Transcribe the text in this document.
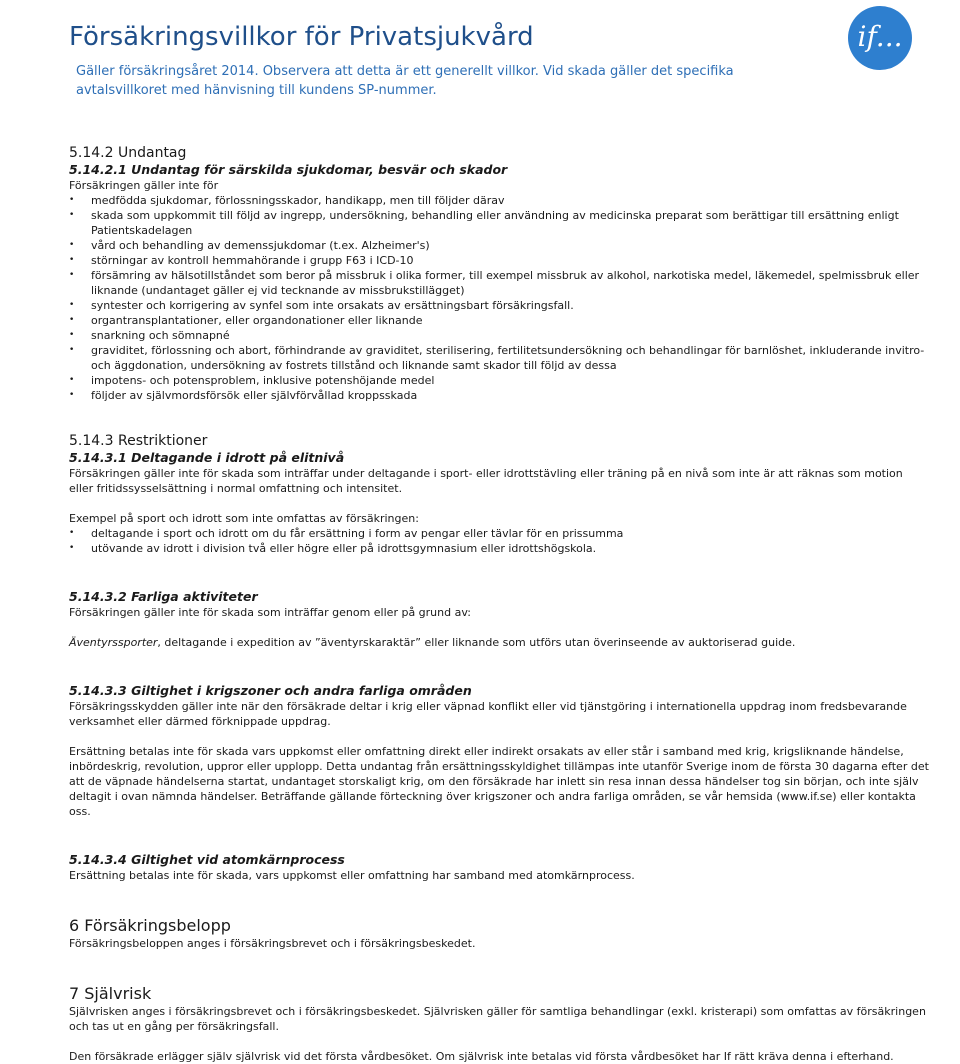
Försäkringsvillkor för Privatsjukvård
Gäller försäkringsåret 2014. Observera att detta är ett generellt villkor. Vid skada gäller det specifika avtalsvillkoret med hänvisning till kundens SP-nummer.
if...

5.14.2 Undantag

5.14.2.1 Undantag för särskilda sjukdomar, besvär och skador

Försäkringen gäller inte för

• medfödda sjukdomar, förlossningsskador, handikapp, men till följder därav
• skada som uppkommit till följd av ingrepp, undersökning, behandling eller användning av medicinska preparat som berättigar till ersättning enligt Patientskadelagen
• vård och behandling av demenssjukdomar (t.ex. Alzheimer's)
• störningar av kontroll hemmahörande i grupp F63 i ICD-10
• försämring av hälsotillståndet som beror på missbruk i olika former, till exempel missbruk av alkohol, narkotiska medel, läkemedel, spelmissbruk eller liknande (undantaget gäller ej vid tecknande av missbrukstillägget)
• syntester och korrigering av synfel som inte orsakats av ersättningsbart försäkringsfall.
• organtransplantationer, eller organdonationer eller liknande
• snarkning och sömnapné
• graviditet, förlossning och abort, förhindrande av graviditet, sterilisering, fertilitetsundersökning och behandlingar för barnlöshet, inkluderande invitro- och äggdonation, undersökning av fostrets tillstånd och liknande samt skador till följd av dessa
• impotens- och potensproblem, inklusive potenshöjande medel
• följder av självmordsförsök eller självförvållad kroppsskada

5.14.3 Restriktioner

5.14.3.1 Deltagande i idrott på elitnivå

Försäkringen gäller inte för skada som inträffar under deltagande i sport- eller idrottstävling eller träning på en nivå som inte är att räknas som motion eller fritidssysselsättning i normal omfattning och intensitet.

Exempel på sport och idrott som inte omfattas av försäkringen:

• deltagande i sport och idrott om du får ersättning i form av pengar eller tävlar för en prissumma
• utövande av idrott i division två eller högre eller på idrottsgymnasium eller idrottshögskola.

5.14.3.2 Farliga aktiviteter

Försäkringen gäller inte för skada som inträffar genom eller på grund av:

Äventyrssporter, deltagande i expedition av ”äventyrskaraktär” eller liknande som utförs utan överinseende av auktoriserad guide.

5.14.3.3 Giltighet i krigszoner och andra farliga områden

Försäkringsskydden gäller inte när den försäkrade deltar i krig eller väpnad konflikt eller vid tjänstgöring i internationella uppdrag inom fredsbevarande verksamhet eller därmed förknippade uppdrag.

Ersättning betalas inte för skada vars uppkomst eller omfattning direkt eller indirekt orsakats av eller står i samband med krig, krigsliknande händelse, inbördeskrig, revolution, uppror eller upplopp. Detta undantag från ersättningsskyldighet tillämpas inte utanför Sverige inom de första 30 dagarna efter det att de väpnade händelserna startat, undantaget storskaligt krig, om den försäkrade har inlett sin resa innan dessa händelser tog sin början, och inte själv deltagit i ovan nämnda händelser. Beträffande gällande förteckning över krigszoner och andra farliga områden, se vår hemsida (www.if.se) eller kontakta oss.

5.14.3.4 Giltighet vid atomkärnprocess

Ersättning betalas inte för skada, vars uppkomst eller omfattning har samband med atomkärnprocess.

6 Försäkringsbelopp

Försäkringsbeloppen anges i försäkringsbrevet och i försäkringsbeskedet.

7 Självrisk

Självrisken anges i försäkringsbrevet och i försäkringsbeskedet. Självrisken gäller för samtliga behandlingar (exkl. kristerapi) som omfattas av försäkringen och tas ut en gång per försäkringsfall.

Den försäkrade erlägger själv självrisk vid det första vårdbesöket. Om självrisk inte betalas vid första vårdbesöket har If rätt kräva denna i efterhand.
